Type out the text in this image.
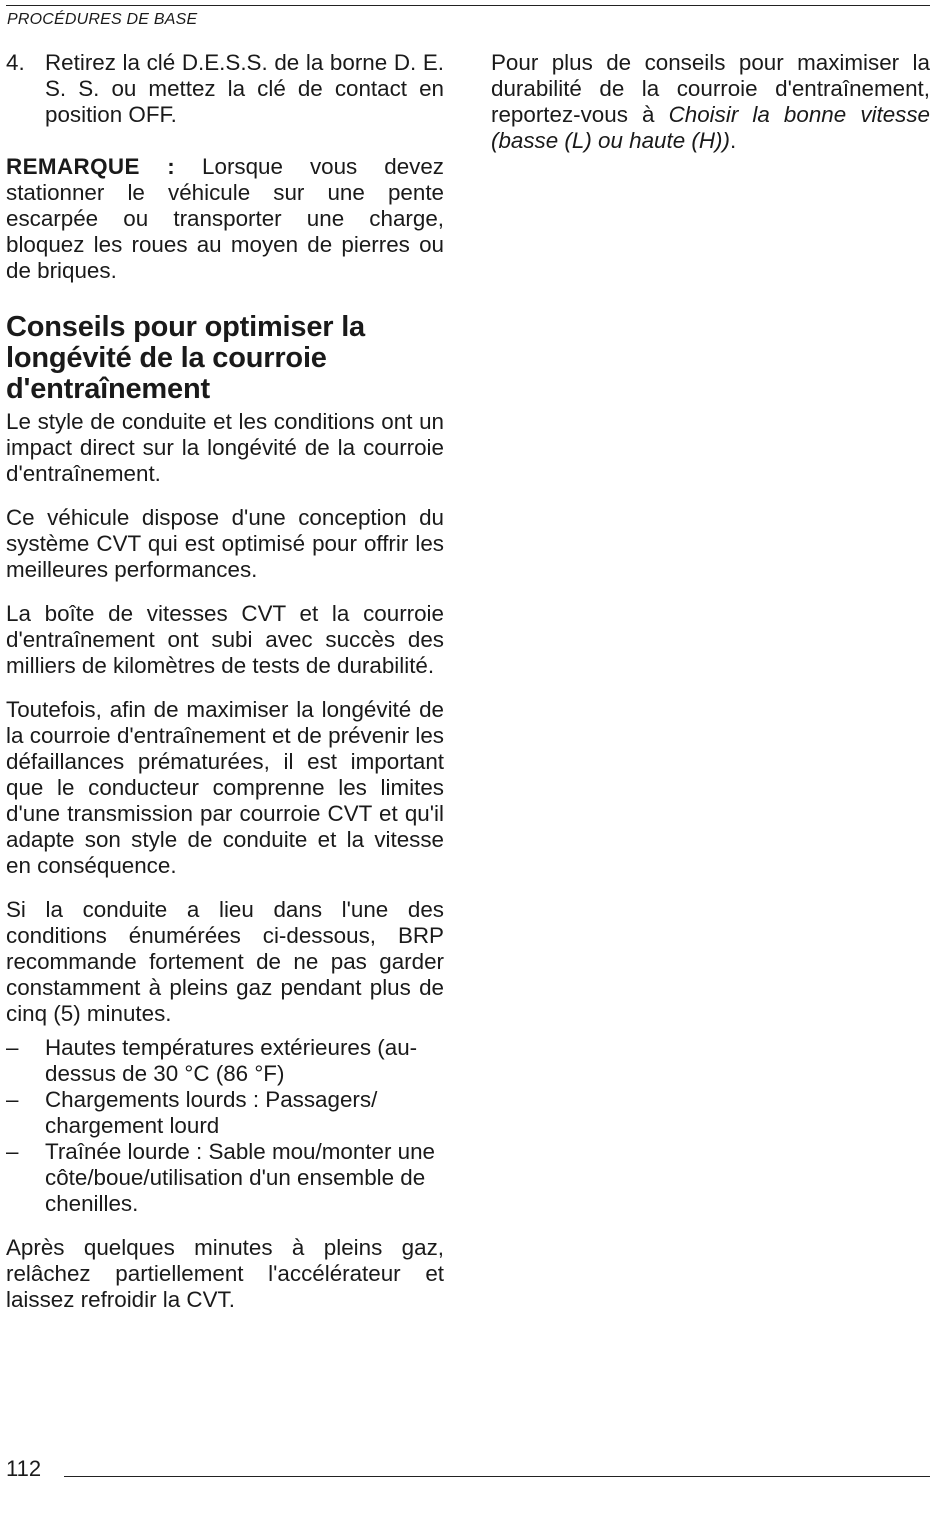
PROCÉDURES DE BASE
4. Retirez la clé D.E.S.S. de la borne D. E. S. S. ou mettez la clé de contact en position OFF.

REMARQUE : Lorsque vous devez stationner le véhicule sur une pente escarpée ou transporter une charge, bloquez les roues au moyen de pierres ou de briques.

Conseils pour optimiser la longévité de la courroie d'entraînement

Le style de conduite et les conditions ont un impact direct sur la longévité de la courroie d'entraînement.

Ce véhicule dispose d'une conception du système CVT qui est optimisé pour offrir les meilleures performances.

La boîte de vitesses CVT et la courroie d'entraînement ont subi avec succès des milliers de kilomètres de tests de durabilité.

Toutefois, afin de maximiser la longévité de la courroie d'entraînement et de prévenir les défaillances prématurées, il est important que le conducteur comprenne les limites d'une transmission par courroie CVT et qu'il adapte son style de conduite et la vitesse en conséquence.

Si la conduite a lieu dans l'une des conditions énumérées ci-dessous, BRP recommande fortement de ne pas garder constamment à pleins gaz pendant plus de cinq (5) minutes.

–	Hautes températures extérieures (au-dessus de 30 °C (86 °F)
–	Chargements lourds : Passagers/ chargement lourd
–	Traînée lourde : Sable mou/monter une côte/boue/utilisation d'un ensemble de chenilles.

Après quelques minutes à pleins gaz, relâchez partiellement l'accélérateur et laissez refroidir la CVT.

Pour plus de conseils pour maximiser la durabilité de la courroie d'entraînement, reportez-vous à Choisir la bonne vitesse (basse (L) ou haute (H)).

112
